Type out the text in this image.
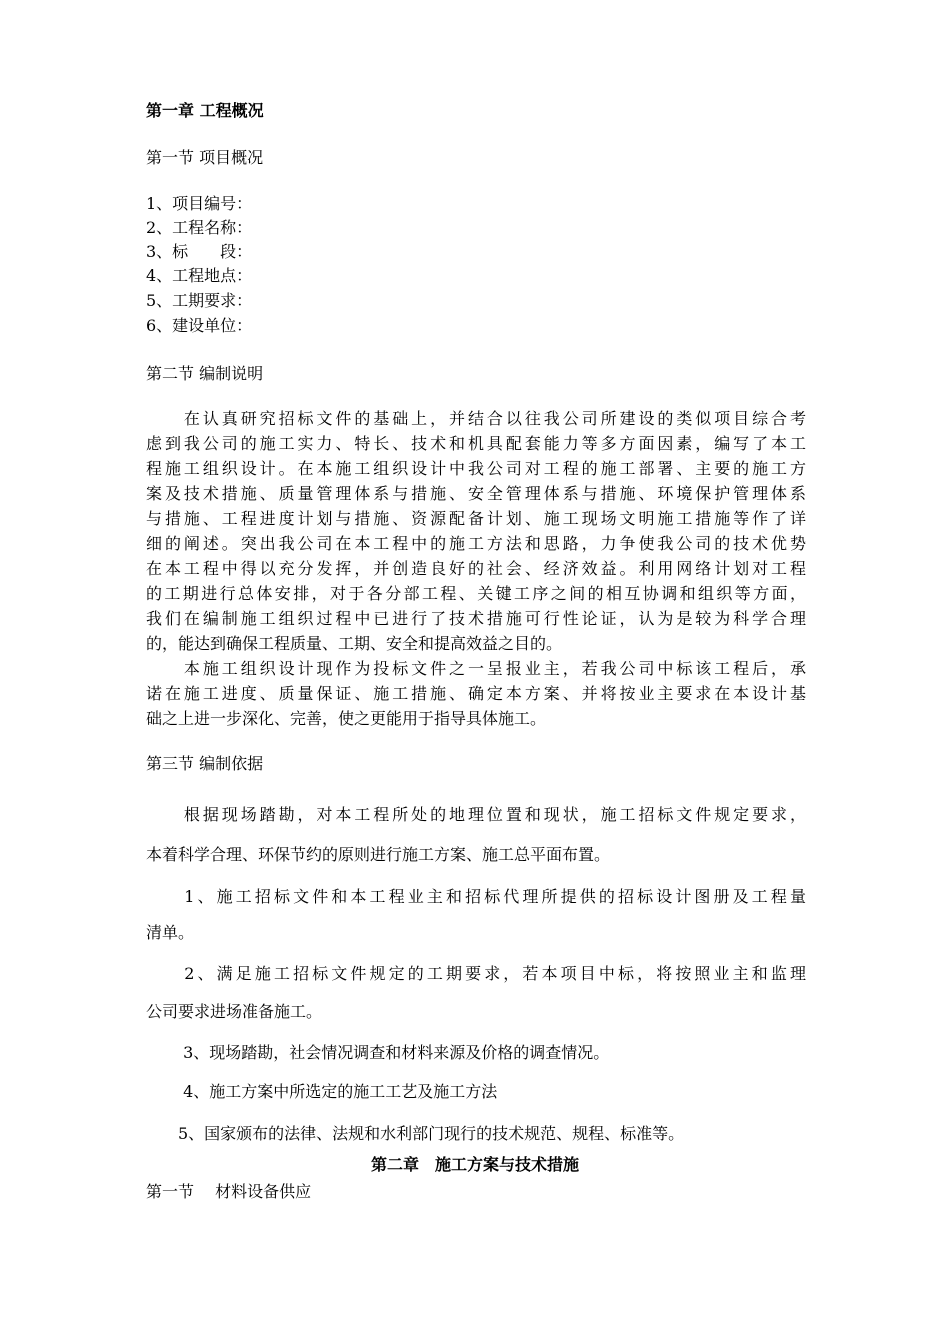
第一章 工程概况

第一节 项目概况

1、项目编号：

2、工程名称：

3、标　　段：

4、工程地点：

5、工期要求：

6、建设单位：

第二节 编制说明

　　在认真研究招标文件的基础上，并结合以往我公司所建设的类似项目综合考

虑到我公司的施工实力、特长、技术和机具配套能力等多方面因素，编写了本工

程施工组织设计。在本施工组织设计中我公司对工程的施工部署、主要的施工方

案及技术措施、质量管理体系与措施、安全管理体系与措施、环境保护管理体系

与措施、工程进度计划与措施、资源配备计划、施工现场文明施工措施等作了详

细的阐述。突出我公司在本工程中的施工方法和思路，力争使我公司的技术优势

在本工程中得以充分发挥，并创造良好的社会、经济效益。利用网络计划对工程

的工期进行总体安排，对于各分部工程、关键工序之间的相互协调和组织等方面，

我们在编制施工组织过程中已进行了技术措施可行性论证，认为是较为科学合理

的，能达到确保工程质量、工期、安全和提高效益之目的。

　　本施工组织设计现作为投标文件之一呈报业主，若我公司中标该工程后，承

诺在施工进度、质量保证、施工措施、确定本方案、并将按业主要求在本设计基

础之上进一步深化、完善，使之更能用于指导具体施工。

第三节 编制依据

　　根据现场踏勘，对本工程所处的地理位置和现状，施工招标文件规定要求，

本着科学合理、环保节约的原则进行施工方案、施工总平面布置。

　　1、施工招标文件和本工程业主和招标代理所提供的招标设计图册及工程量

清单。

　　2、满足施工招标文件规定的工期要求，若本项目中标，将按照业主和监理

公司要求进场准备施工。

　　 3、现场踏勘，社会情况调查和材料来源及价格的调查情况。

　　 4、施工方案中所选定的施工工艺及施工方法

　　5、国家颁布的法律、法规和水利部门现行的技术规范、规程、标准等。

第二章　施工方案与技术措施

第一节　 材料设备供应
